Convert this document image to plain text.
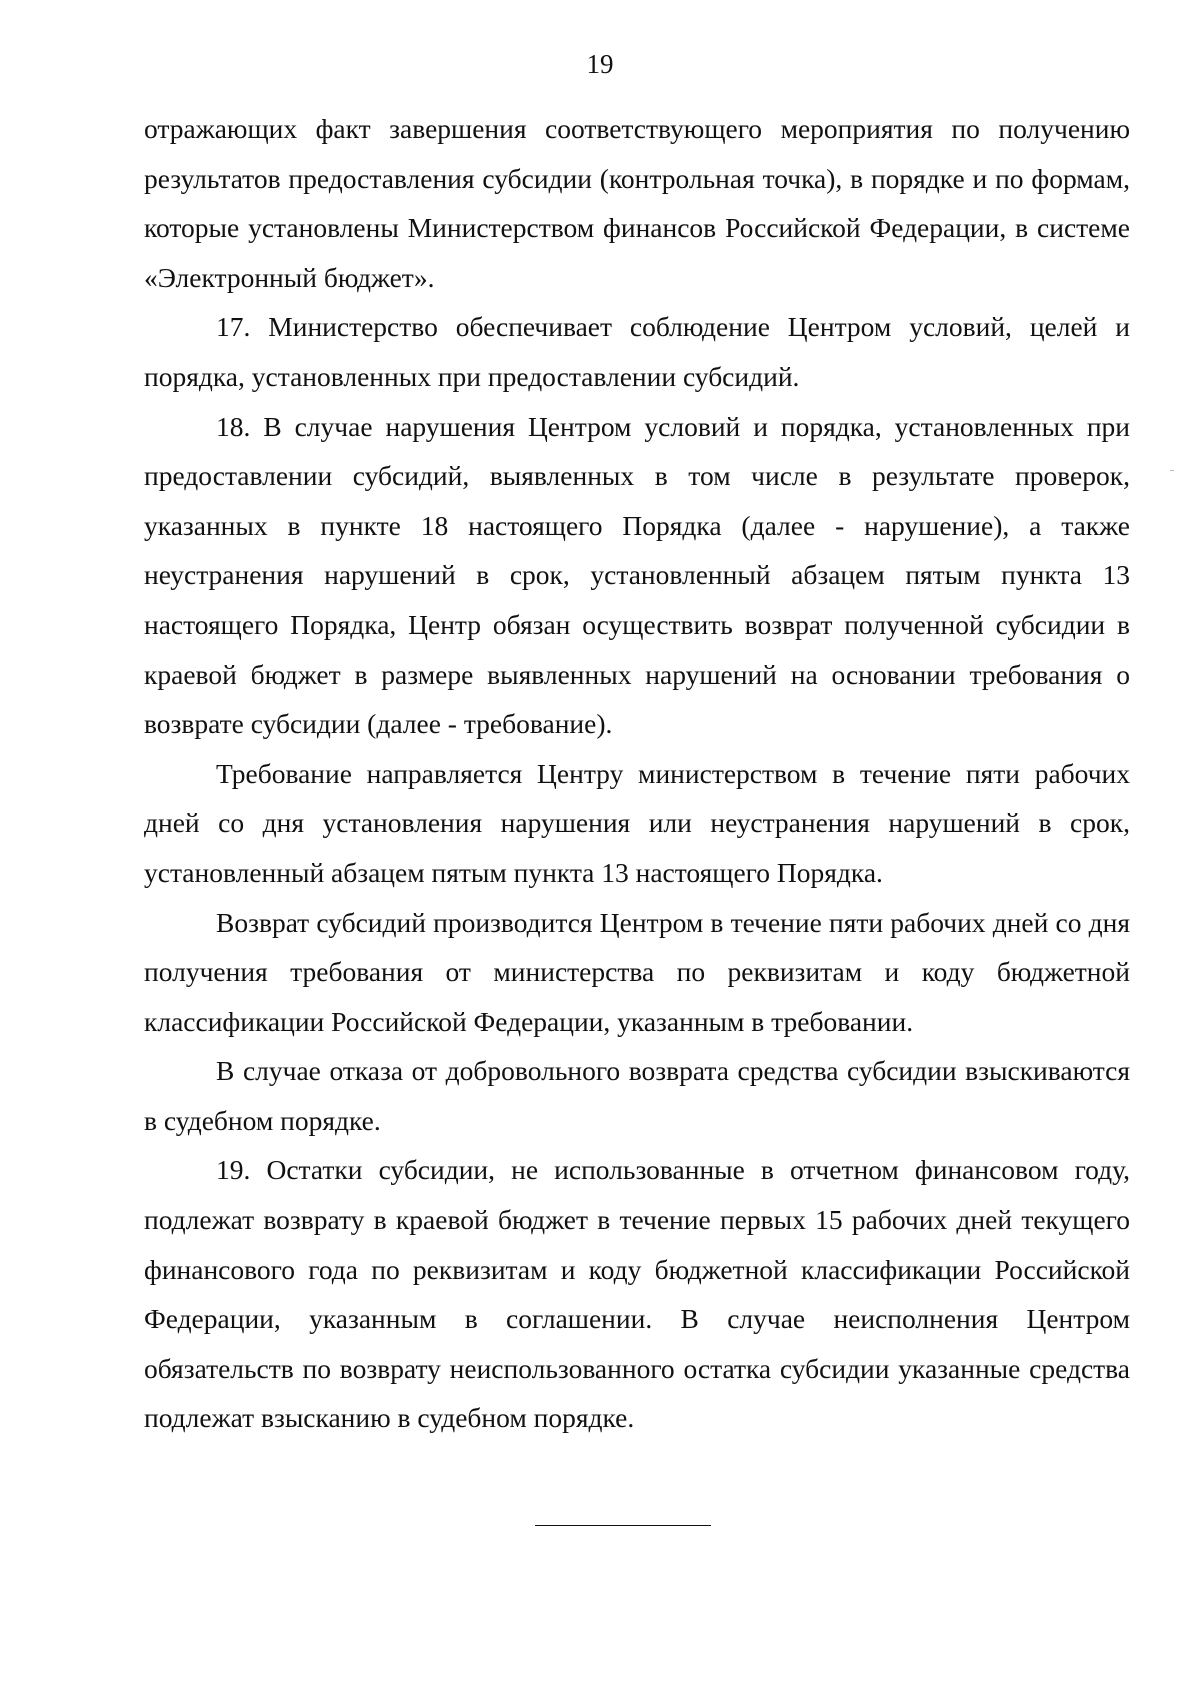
19

отражающих факт завершения соответствующего мероприятия по получению результатов предоставления субсидии (контрольная точка), в порядке и по формам, которые установлены Министерством финансов Российской Федерации, в системе «Электронный бюджет».

17. Министерство обеспечивает соблюдение Центром условий, целей и порядка, установленных при предоставлении субсидий.

18. В случае нарушения Центром условий и порядка, установленных при предоставлении субсидий, выявленных в том числе в результате проверок, указанных в пункте 18 настоящего Порядка (далее - нарушение), а также неустранения нарушений в срок, установленный абзацем пятым пункта 13 настоящего Порядка, Центр обязан осуществить возврат полученной субсидии в краевой бюджет в размере выявленных нарушений на основании требования о возврате субсидии (далее - требование).

Требование направляется Центру министерством в течение пяти рабочих дней со дня установления нарушения или неустранения нарушений в срок, установленный абзацем пятым пункта 13 настоящего Порядка.

Возврат субсидий производится Центром в течение пяти рабочих дней со дня получения требования от министерства по реквизитам и коду бюджетной классификации Российской Федерации, указанным в требовании.

В случае отказа от добровольного возврата средства субсидии взыскиваются в судебном порядке.

19. Остатки субсидии, не использованные в отчетном финансовом году, подлежат возврату в краевой бюджет в течение первых 15 рабочих дней текущего финансового года по реквизитам и коду бюджетной классификации Российской Федерации, указанным в соглашении. В случае неисполнения Центром обязательств по возврату неиспользованного остатка субсидии указанные средства подлежат взысканию в судебном порядке.
